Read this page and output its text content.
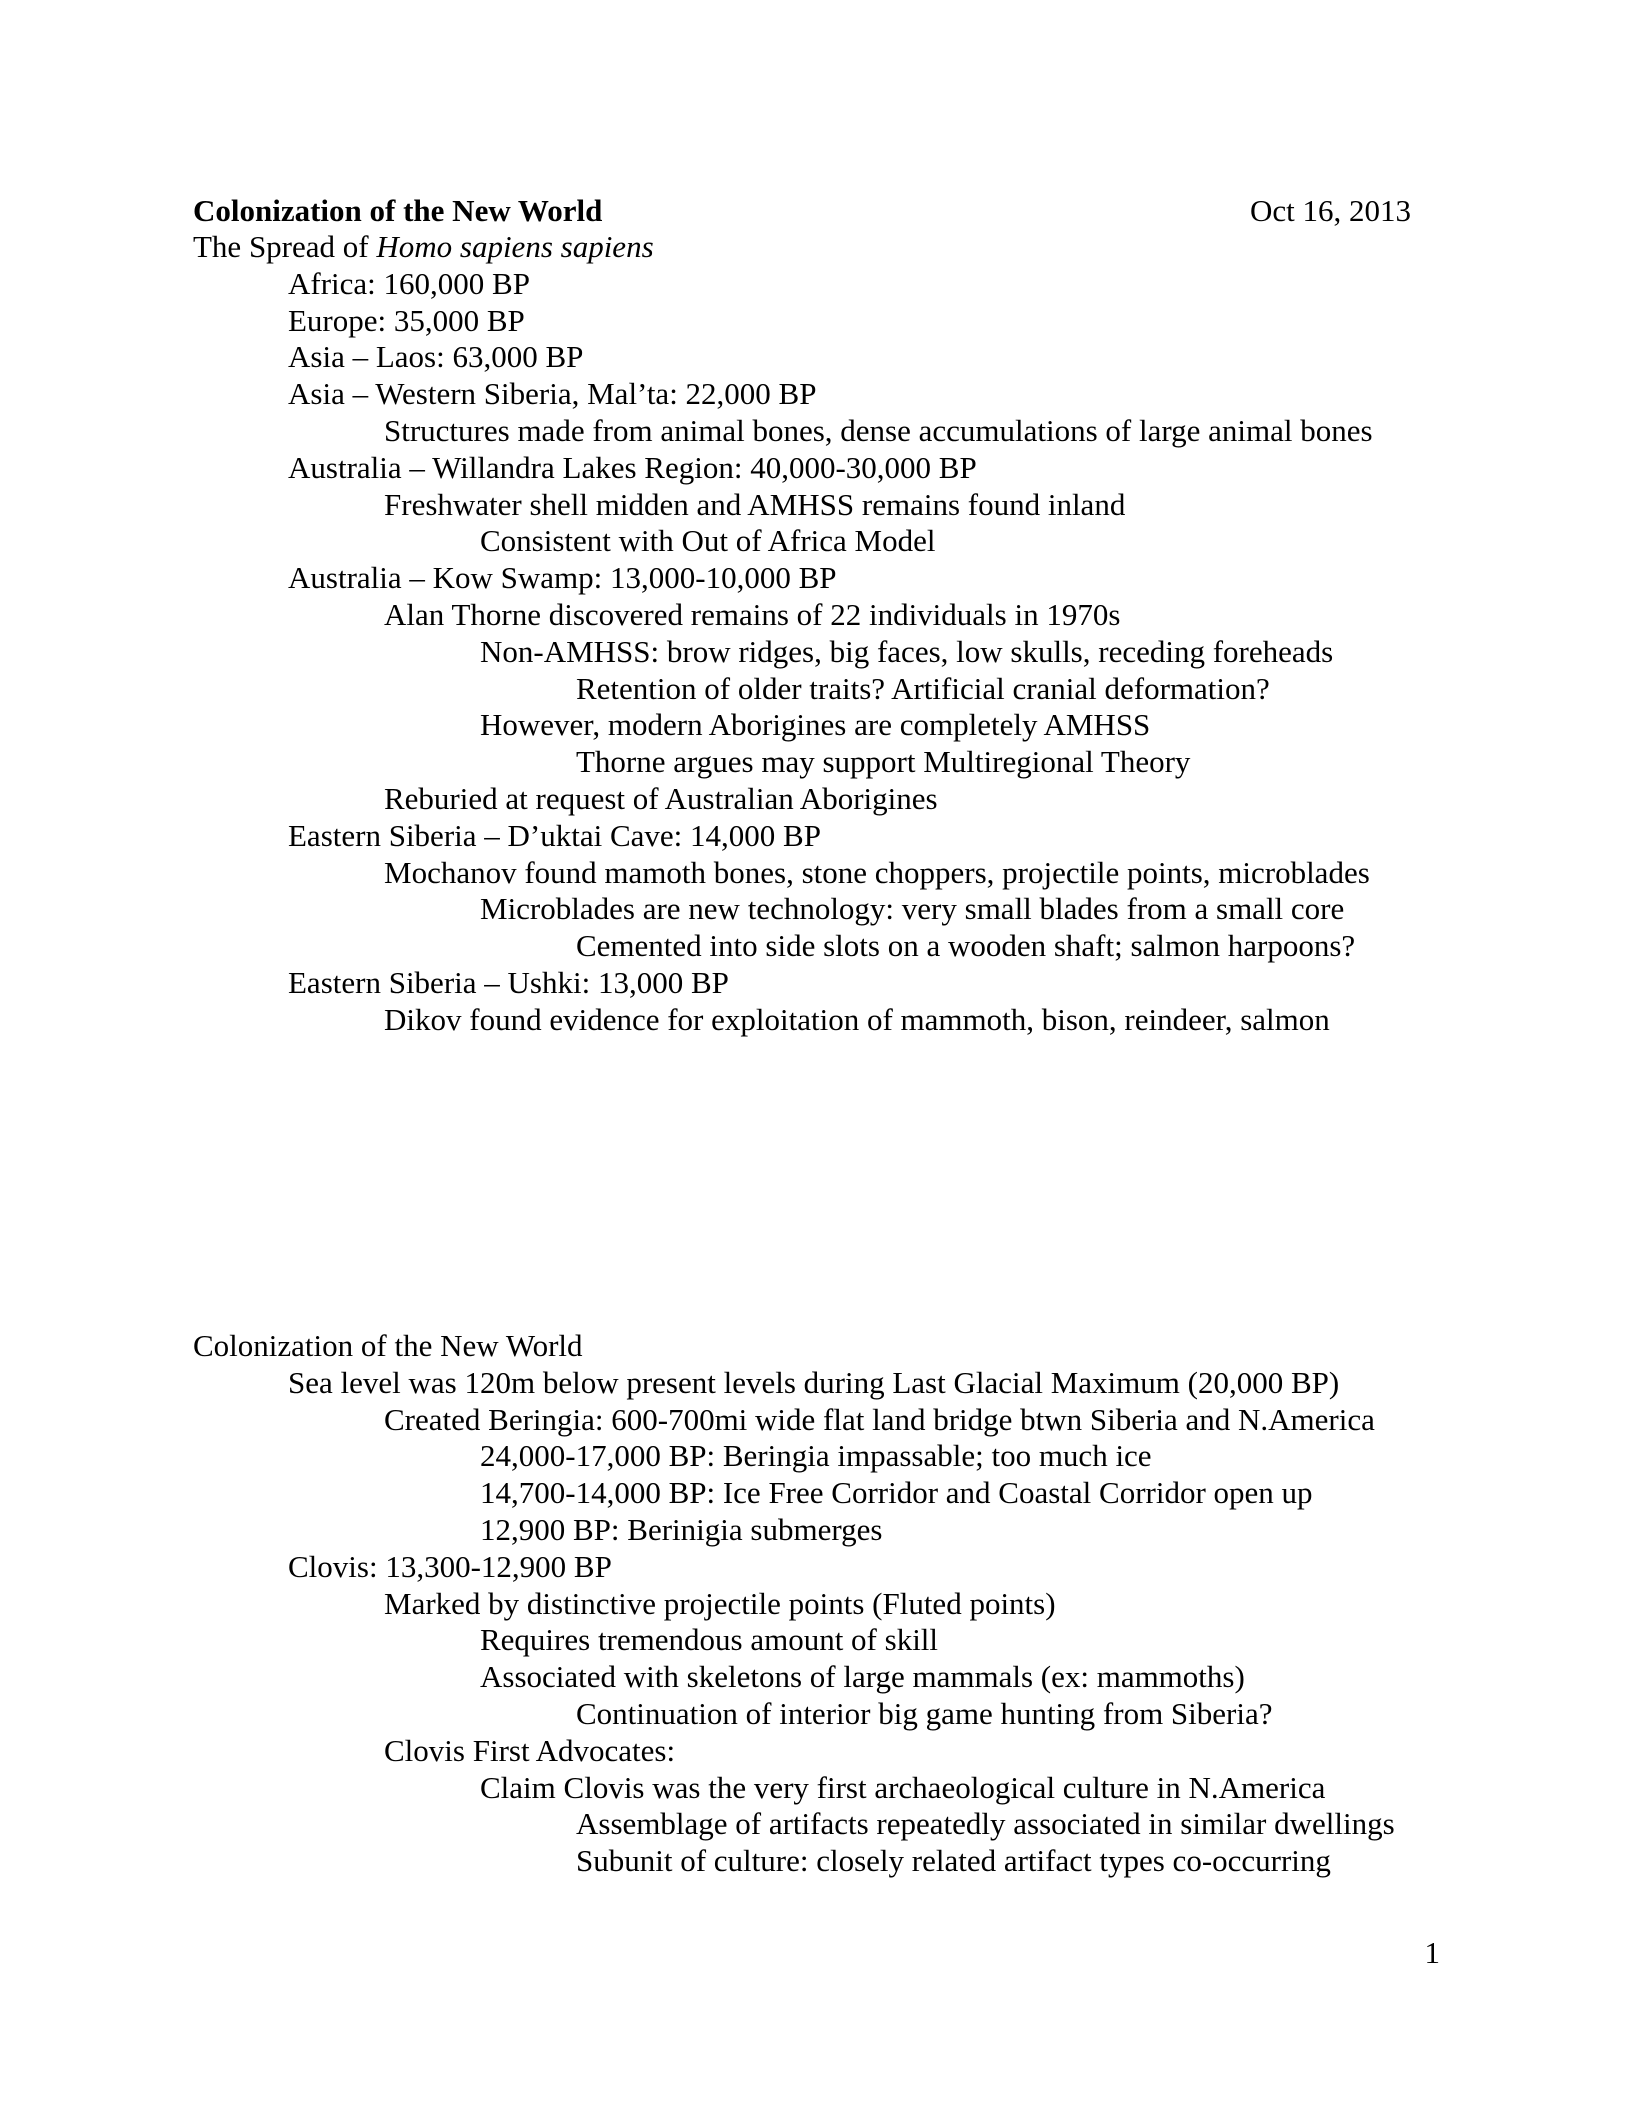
Colonization of the New World	Oct 16, 2013
The Spread of Homo sapiens sapiens
Africa: 160,000 BP
Europe: 35,000 BP
Asia – Laos: 63,000 BP
Asia – Western Siberia, Mal’ta: 22,000 BP
Structures made from animal bones, dense accumulations of large animal bones
Australia – Willandra Lakes Region: 40,000-30,000 BP
Freshwater shell midden and AMHSS remains found inland
Consistent with Out of Africa Model
Australia – Kow Swamp: 13,000-10,000 BP
Alan Thorne discovered remains of 22 individuals in 1970s
Non-AMHSS: brow ridges, big faces, low skulls, receding foreheads
Retention of older traits? Artificial cranial deformation?
However, modern Aborigines are completely AMHSS
Thorne argues may support Multiregional Theory
Reburied at request of Australian Aborigines
Eastern Siberia – D’uktai Cave: 14,000 BP
Mochanov found mamoth bones, stone choppers, projectile points, microblades
Microblades are new technology: very small blades from a small core
Cemented into side slots on a wooden shaft; salmon harpoons?
Eastern Siberia – Ushki: 13,000 BP
Dikov found evidence for exploitation of mammoth, bison, reindeer, salmon
Colonization of the New World
Sea level was 120m below present levels during Last Glacial Maximum (20,000 BP)
Created Beringia: 600-700mi wide flat land bridge btwn Siberia and N.America
24,000-17,000 BP: Beringia impassable; too much ice
14,700-14,000 BP: Ice Free Corridor and Coastal Corridor open up
12,900 BP: Berinigia submerges
Clovis: 13,300-12,900 BP
Marked by distinctive projectile points (Fluted points)
Requires tremendous amount of skill
Associated with skeletons of large mammals (ex: mammoths)
Continuation of interior big game hunting from Siberia?
Clovis First Advocates:
Claim Clovis was the very first archaeological culture in N.America
Assemblage of artifacts repeatedly associated in similar dwellings
Subunit of culture: closely related artifact types co-occurring
1
